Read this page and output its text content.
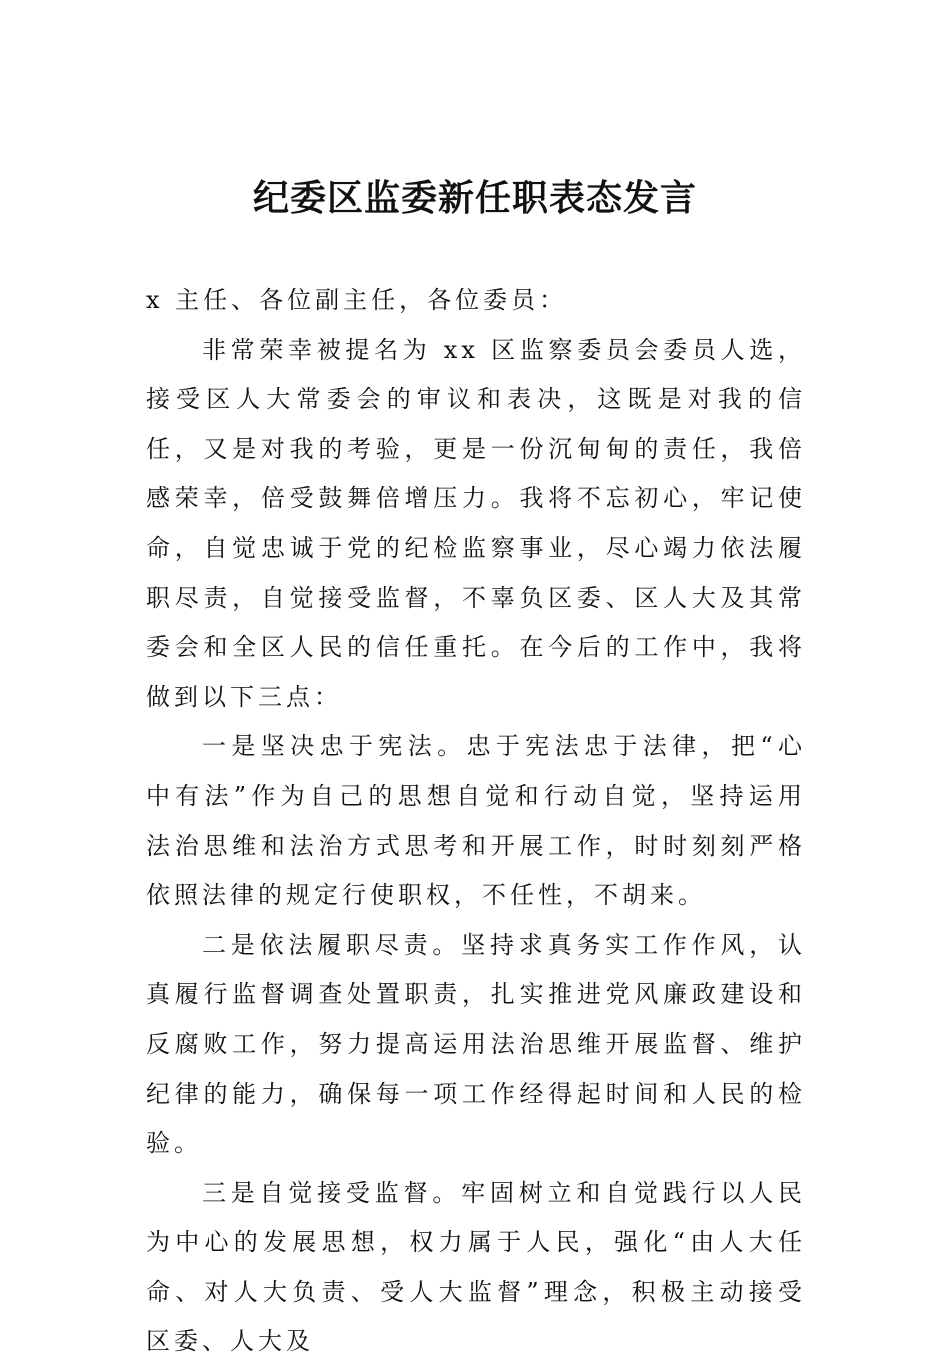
纪委区监委新任职表态发言

x 主任、各位副主任，各位委员：

非常荣幸被提名为 xx 区监察委员会委员人选，接受区人大常委会的审议和表决，这既是对我的信任，又是对我的考验，更是一份沉甸甸的责任，我倍感荣幸，倍受鼓舞倍增压力。我将不忘初心，牢记使命，自觉忠诚于党的纪检监察事业，尽心竭力依法履职尽责，自觉接受监督，不辜负区委、区人大及其常委会和全区人民的信任重托。在今后的工作中，我将做到以下三点：

一是坚决忠于宪法。忠于宪法忠于法律，把“心中有法”作为自己的思想自觉和行动自觉，坚持运用法治思维和法治方式思考和开展工作，时时刻刻严格依照法律的规定行使职权，不任性，不胡来。

二是依法履职尽责。坚持求真务实工作作风，认真履行监督调查处置职责，扎实推进党风廉政建设和反腐败工作，努力提高运用法治思维开展监督、维护纪律的能力，确保每一项工作经得起时间和人民的检验。

三是自觉接受监督。牢固树立和自觉践行以人民为中心的发展思想，权力属于人民，强化“由人大任命、对人大负责、受人大监督”理念，积极主动接受区委、人大及
